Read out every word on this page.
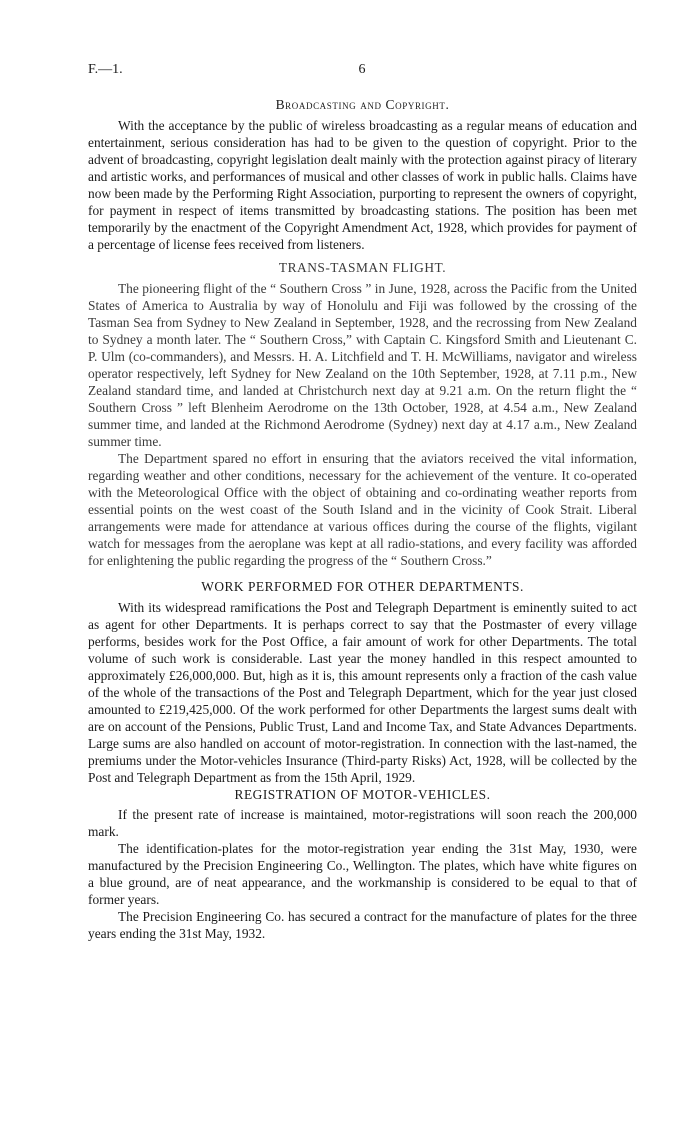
F.—1.	6
Broadcasting and Copyright.

With the acceptance by the public of wireless broadcasting as a regular means of education and entertainment, serious consideration has had to be given to the question of copyright. Prior to the advent of broadcasting, copyright legislation dealt mainly with the protection against piracy of literary and artistic works, and performances of musical and other classes of work in public halls. Claims have now been made by the Performing Right Association, purporting to represent the owners of copyright, for payment in respect of items transmitted by broadcasting stations. The position has been met temporarily by the enactment of the Copyright Amendment Act, 1928, which provides for payment of a percentage of license fees received from listeners.

TRANS-TASMAN FLIGHT.

The pioneering flight of the “ Southern Cross ” in June, 1928, across the Pacific from the United States of America to Australia by way of Honolulu and Fiji was followed by the crossing of the Tasman Sea from Sydney to New Zealand in September, 1928, and the recrossing from New Zealand to Sydney a month later. The “ Southern Cross,” with Captain C. Kingsford Smith and Lieutenant C. P. Ulm (co-commanders), and Messrs. H. A. Litchfield and T. H. McWilliams, navigator and wireless operator respectively, left Sydney for New Zealand on the 10th September, 1928, at 7.11 p.m., New Zealand standard time, and landed at Christchurch next day at 9.21 a.m. On the return flight the “ Southern Cross ” left Blenheim Aerodrome on the 13th October, 1928, at 4.54 a.m., New Zealand summer time, and landed at the Richmond Aerodrome (Sydney) next day at 4.17 a.m., New Zealand summer time.

The Department spared no effort in ensuring that the aviators received the vital information, regarding weather and other conditions, necessary for the achievement of the venture. It co-operated with the Meteorological Office with the object of obtaining and co-ordinating weather reports from essential points on the west coast of the South Island and in the vicinity of Cook Strait. Liberal arrangements were made for attendance at various offices during the course of the flights, vigilant watch for messages from the aeroplane was kept at all radio-stations, and every facility was afforded for enlightening the public regarding the progress of the “ Southern Cross.”

WORK PERFORMED FOR OTHER DEPARTMENTS.

With its widespread ramifications the Post and Telegraph Department is eminently suited to act as agent for other Departments. It is perhaps correct to say that the Postmaster of every village performs, besides work for the Post Office, a fair amount of work for other Departments. The total volume of such work is considerable. Last year the money handled in this respect amounted to approximately £26,000,000. But, high as it is, this amount represents only a fraction of the cash value of the whole of the transactions of the Post and Telegraph Department, which for the year just closed amounted to £219,425,000. Of the work performed for other Departments the largest sums dealt with are on account of the Pensions, Public Trust, Land and Income Tax, and State Advances Departments. Large sums are also handled on account of motor-registration. In connection with the last-named, the premiums under the Motor-vehicles Insurance (Third-party Risks) Act, 1928, will be collected by the Post and Telegraph Department as from the 15th April, 1929.

REGISTRATION OF MOTOR-VEHICLES.

If the present rate of increase is maintained, motor-registrations will soon reach the 200,000 mark.

The identification-plates for the motor-registration year ending the 31st May, 1930, were manufactured by the Precision Engineering Co., Wellington. The plates, which have white figures on a blue ground, are of neat appearance, and the workmanship is considered to be equal to that of former years.

The Precision Engineering Co. has secured a contract for the manufacture of plates for the three years ending the 31st May, 1932.
